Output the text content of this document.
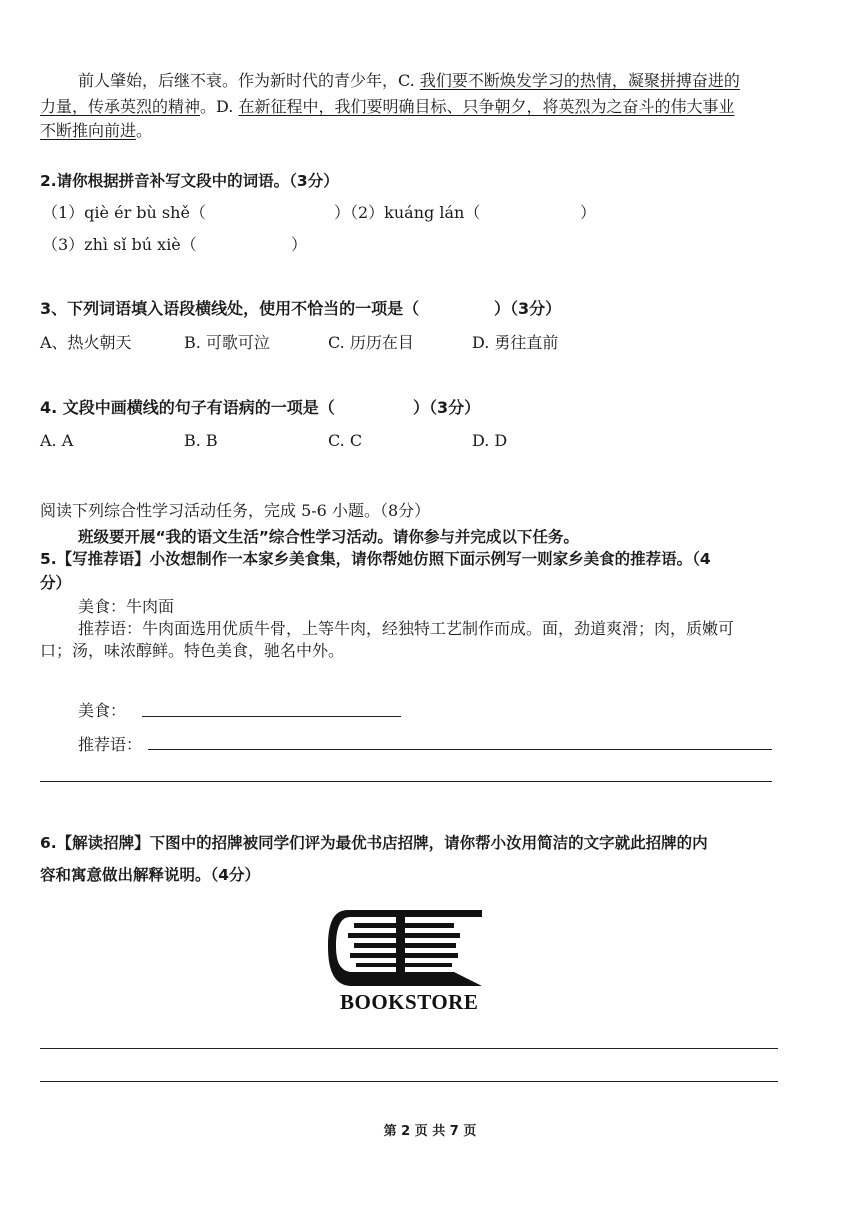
前人肇始，后继不衰。作为新时代的青少年，C. 我们要不断焕发学习的热情，凝聚拼搏奋进的
力量，传承英烈的精神。D. 在新征程中，我们要明确目标、只争朝夕，将英烈为之奋斗的伟大事业
不断推向前进。
2.请你根据拼音补写文段中的词语。（3分）
（1）qiè ér bù shě（	）（2）kuáng lán（	）
（3）zhì sǐ bú xiè（	）
3、下列词语填入语段横线处，使用不恰当的一项是（	）（3分）
A、热火朝天	B. 可歌可泣	C. 历历在目	D. 勇往直前
4. 文段中画横线的句子有语病的一项是（	）（3分）
A. A	B. B	C. C	D. D
阅读下列综合性学习活动任务，完成 5-6 小题。（8分）
班级要开展“我的语文生活”综合性学习活动。请你参与并完成以下任务。
5.【写推荐语】小汝想制作一本家乡美食集，请你帮她仿照下面示例写一则家乡美食的推荐语。（4
分）
美食：牛肉面
推荐语：牛肉面选用优质牛骨，上等牛肉，经独特工艺制作而成。面，劲道爽滑；肉，质嫩可
口；汤，味浓醇鲜。特色美食，驰名中外。
美食：
推荐语：
6.【解读招牌】下图中的招牌被同学们评为最优书店招牌，请你帮小汝用简洁的文字就此招牌的内
容和寓意做出解释说明。（4分）
BOOKSTORE
第 2 页 共 7 页
